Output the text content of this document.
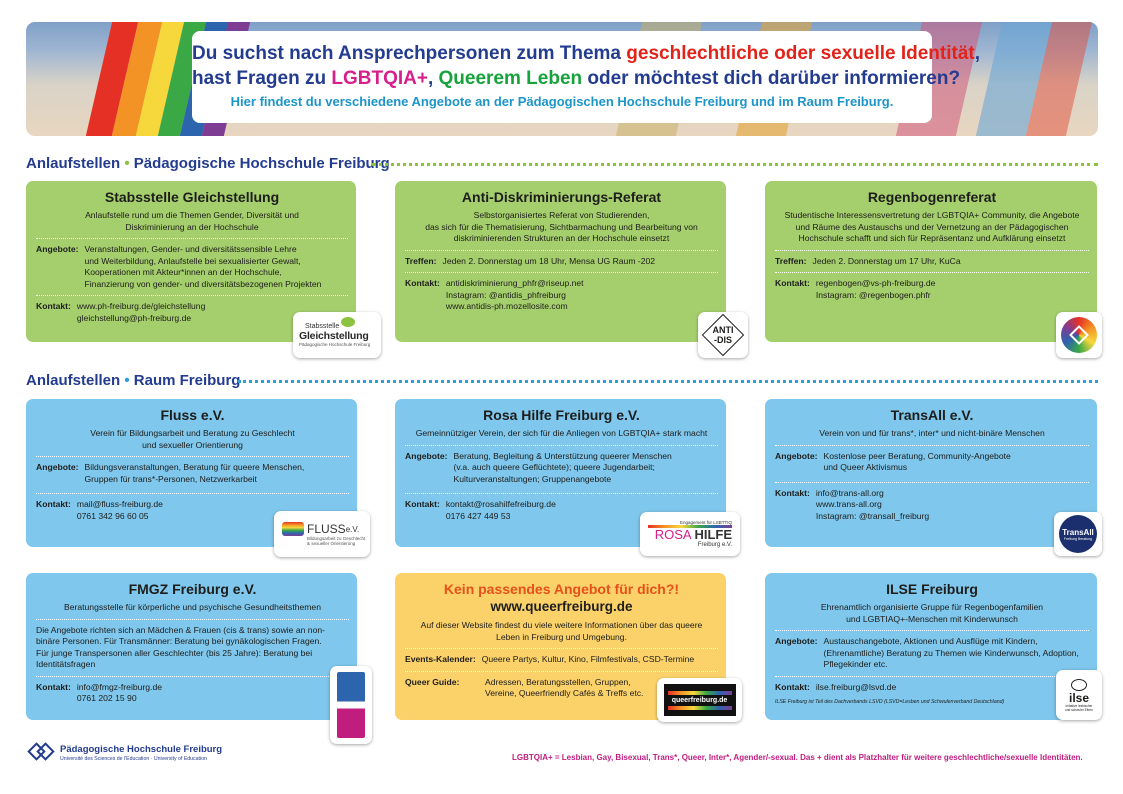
Du suchst nach Ansprechpersonen zum Thema geschlechtliche oder sexuelle Identität,
hast Fragen zu LGBTQIA+, Queerem Leben oder möchtest dich darüber informieren?
Hier findest du verschiedene Angebote an der Pädagogischen Hochschule Freiburg und im Raum Freiburg.
Anlaufstellen • Pädagogische Hochschule Freiburg
Stabsstelle Gleichstellung
Anlaufstelle rund um die Themen Gender, Diversität und
Diskriminierung an der Hochschule
Angebote: Veranstaltungen, Gender- und diversitätssensible Lehre
und Weiterbildung, Anlaufstelle bei sexualisierter Gewalt,
Kooperationen mit Akteur*innen an der Hochschule,
Finanzierung von gender- und diversitätsbezogenen Projekten
Kontakt: www.ph-freiburg.de/gleichstellung
gleichstellung@ph-freiburg.de
Stabsstelle
Gleichstellung
Pädagogische Hochschule Freiburg
Anti-Diskriminierungs-Referat
Selbstorganisiertes Referat von Studierenden,
das sich für die Thematisierung, Sichtbarmachung und Bearbeitung von
diskriminierenden Strukturen an der Hochschule einsetzt
Treffen: Jeden 2. Donnerstag um 18 Uhr, Mensa UG Raum -202
Kontakt: antidiskriminierung_phfr@riseup.net
Instagram: @antidis_phfreiburg
www.antidis-ph.mozellosite.com
ANTI
-DIS
Regenbogenreferat
Studentische Interessensvertretung der LGBTQIA+ Community, die Angebote
und Räume des Austauschs und der Vernetzung an der Pädagogischen
Hochschule schafft und sich für Repräsentanz und Aufklärung einsetzt
Treffen: Jeden 2. Donnerstag um 17 Uhr, KuCa
Kontakt: regenbogen@vs-ph-freiburg.de
Instagram: @regenbogen.phfr
Anlaufstellen • Raum Freiburg
Fluss e.V.
Verein für Bildungsarbeit und Beratung zu Geschlecht
und sexueller Orientierung
Angebote: Bildungsveranstaltungen, Beratung für queere Menschen,
Gruppen für trans*-Personen, Netzwerkarbeit
Kontakt: mail@fluss-freiburg.de
0761 342 96 60 05
FLUSS e.V.
Bildungsarbeit zu Geschlecht
& sexueller Orientierung
Rosa Hilfe Freiburg e.V.
Gemeinnütziger Verein, der sich für die Anliegen von LGBTQIA+ stark macht
Angebote: Beratung, Begleitung & Unterstützung queerer Menschen
(v.a. auch queere Geflüchtete); queere Jugendarbeit;
Kulturveranstaltungen; Gruppenangebote
Kontakt: kontakt@rosahilfefreiburg.de
0176 427 449 53
Engagement für LSBTTIQ
ROSA HILFE
Freiburg e.V.
TransAll e.V.
Verein von und für trans*, inter* und nicht-binäre Menschen
Angebote: Kostenlose peer Beratung, Community-Angebote
und Queer Aktivismus
Kontakt: info@trans-all.org
www.trans-all.org
Instagram: @transall_freiburg
TransAll
Freiburg Beratung
FMGZ Freiburg e.V.
Beratungsstelle für körperliche und psychische Gesundheitsthemen
Die Angebote richten sich an Mädchen & Frauen (cis & trans) sowie an non-
binäre Personen. Für Transmänner: Beratung bei gynäkologischen Fragen.
Für junge Transpersonen aller Geschlechter (bis 25 Jahre): Beratung bei
Identitätsfragen
Kontakt: info@fmgz-freiburg.de
0761 202 15 90
Kein passendes Angebot für dich?!
www.queerfreiburg.de
Auf dieser Website findest du viele weitere Informationen über das queere
Leben in Freiburg und Umgebung.
Events-Kalender: Queere Partys, Kultur, Kino, Filmfestivals, CSD-Termine
Queer Guide:	Adressen, Beratungsstellen, Gruppen,
Vereine, Queerfriendly Cafés & Treffs etc.
queerfreiburg.de
ILSE Freiburg
Ehrenamtlich organisierte Gruppe für Regenbogenfamilien
und LGBTIAQ+-Menschen mit Kinderwunsch
Angebote: Austauschangebote, Aktionen und Ausflüge mit Kindern,
(Ehrenamtliche) Beratung zu Themen wie Kinderwunsch, Adoption,
Pflegekinder etc.
Kontakt: ilse.freiburg@lsvd.de
ILSE Freiburg ist Teil des Dachverbands LSVD (LSVD=Lesben und Schwulenverband Deutschland)	ilse
Initiative lesbischer
und schwuler Eltern
Pädagogische Hochschule Freiburg
Université des Sciences de l'Education · University of Education	LGBTQIA+ = Lesbian, Gay, Bisexual, Trans*, Queer, Inter*, Agender/-sexual. Das + dient als Platzhalter für weitere geschlechtliche/sexuelle Identitäten.
